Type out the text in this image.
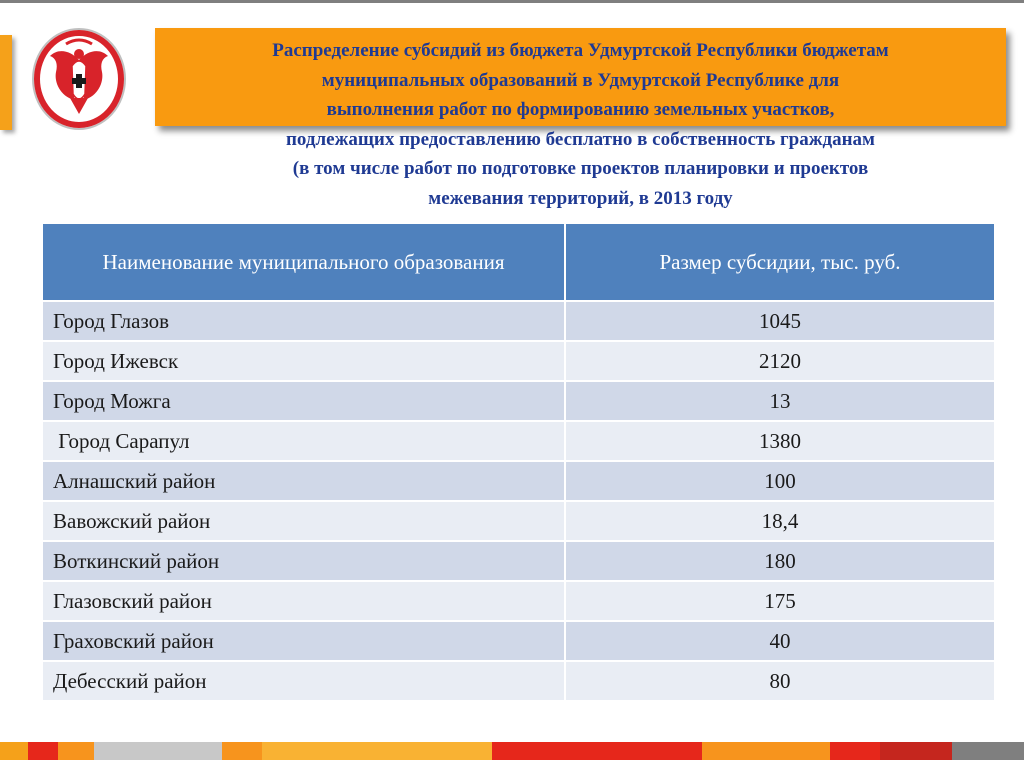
Распределение субсидий из бюджета Удмуртской Республики бюджетам
муниципальных образований в Удмуртской Республике для
выполнения работ по формированию земельных участков,
подлежащих предоставлению бесплатно в собственность гражданам
(в том числе работ по подготовке проектов планировки и проектов
межевания территорий, в 2013 году
Наименование муниципального образования	Размер субсидии, тыс. руб.
Город Глазов	1045
Город Ижевск	2120
Город Можга	13
Город Сарапул	1380
Алнашский район	100
Вавожский район	18,4
Воткинский район	180
Глазовский район	175
Граховский район	40
Дебесский район	80
